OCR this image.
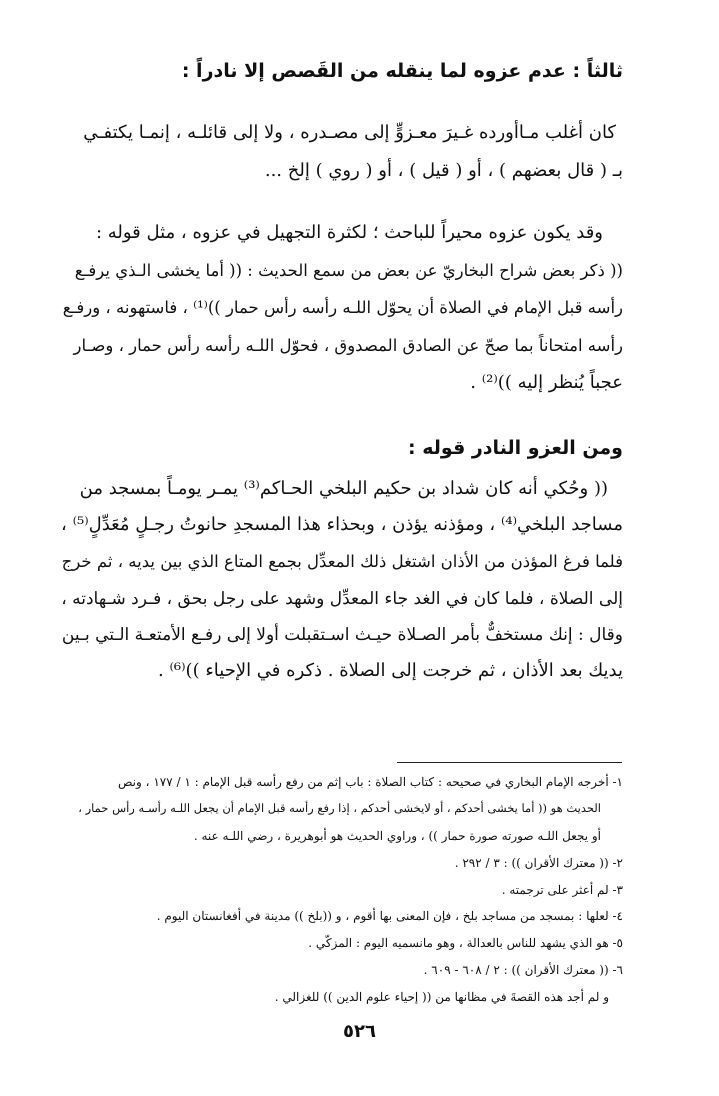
ثالثاً : عدم عزوه لما ينقله من القَصص إلا نادراً :
كان أغلب مـاأورده غـيرَ معـزوٍّ إلى مصـدره ، ولا إلى قائلـه ، إنمـا يكتفـي
بـ ( قال بعضهم ) ، أو ( قيل ) ، أو ( روي ) إلخ ...
وقد يكون عزوه محيراً للباحث ؛ لكثرة التجهيل في عزوه ، مثل قوله :
(( ذكر بعض شراح البخاريّ عن بعض من سمع الحديث : (( أما يخشى الـذي يرفـع
رأسه قبل الإمام في الصلاة أن يحوّل اللـه رأسه رأس حمار ))⁽¹⁾ ، فاستهونه ، ورفـع
رأسه امتحاناً بما صحّ عن الصادق المصدوق ، فحوّل اللـه رأسه رأس حمار ، وصـار
عجباً يُنظر إليه ))⁽²⁾ .
ومن العزو النادر قوله :
(( وحُكي أنه كان شداد بن حكيم البلخي الحـاكم⁽³⁾ يمـر يومـاً بمسجد من
مساجد البلخي⁽⁴⁾ ، ومؤذنه يؤذن ، وبحذاء هذا المسجدِ حانوتُ رجـلٍ مُعَدِّلٍ⁽⁵⁾ ،
فلما فرغ المؤذن من الأذان اشتغل ذلك المعدِّل بجمع المتاع الذي بين يديه ، ثم خرج
إلى الصلاة ، فلما كان في الغد جاء المعدِّل وشهد على رجل بحق ، فـرد شـهادته ،
وقال : إنك مستخفٌّ بأمر الصـلاة حيـث اسـتقبلت أولا إلى رفـع الأمتعـة الـتي بـين
يديك بعد الأذان ، ثم خرجت إلى الصلاة . ذكره في الإحياء ))⁽⁶⁾ .
١- أخرجه الإمام البخاري في صحيحه : كتاب الصلاة : باب إثم من رفع رأسه قبل الإمام : ١ / ١٧٧ ، ونص
الحديث هو (( أما يخشى أحدكم ، أو لايخشى أحدكم ، إذا رفع رأسه قبل الإمام أن يجعل اللـه رأسـه رأس حمار ،
أو يجعل اللـه صورته صورة حمار )) ، وراوي الحديث هو أبوهريرة ، رضي اللـه عنه .
٢- (( معترك الأقران )) : ٣ / ٢٩٢ .
٣- لم أعثر على ترجمته .
٤- لعلها : بمسجد من مساجد بلخ ، فإن المعنى بها أقوم ، و ((بلخ )) مدينة في أفغانستان اليوم .
٥- هو الذي يشهد للناس بالعدالة ، وهو مانسميه اليوم : المزكّي .
٦- (( معترك الأقران )) : ٢ / ٦٠٨ - ٦٠٩ .
و لم أجد هذه القصةَ في مظانها من (( إحياء علوم الدين )) للغزالي .
٥٢٦
